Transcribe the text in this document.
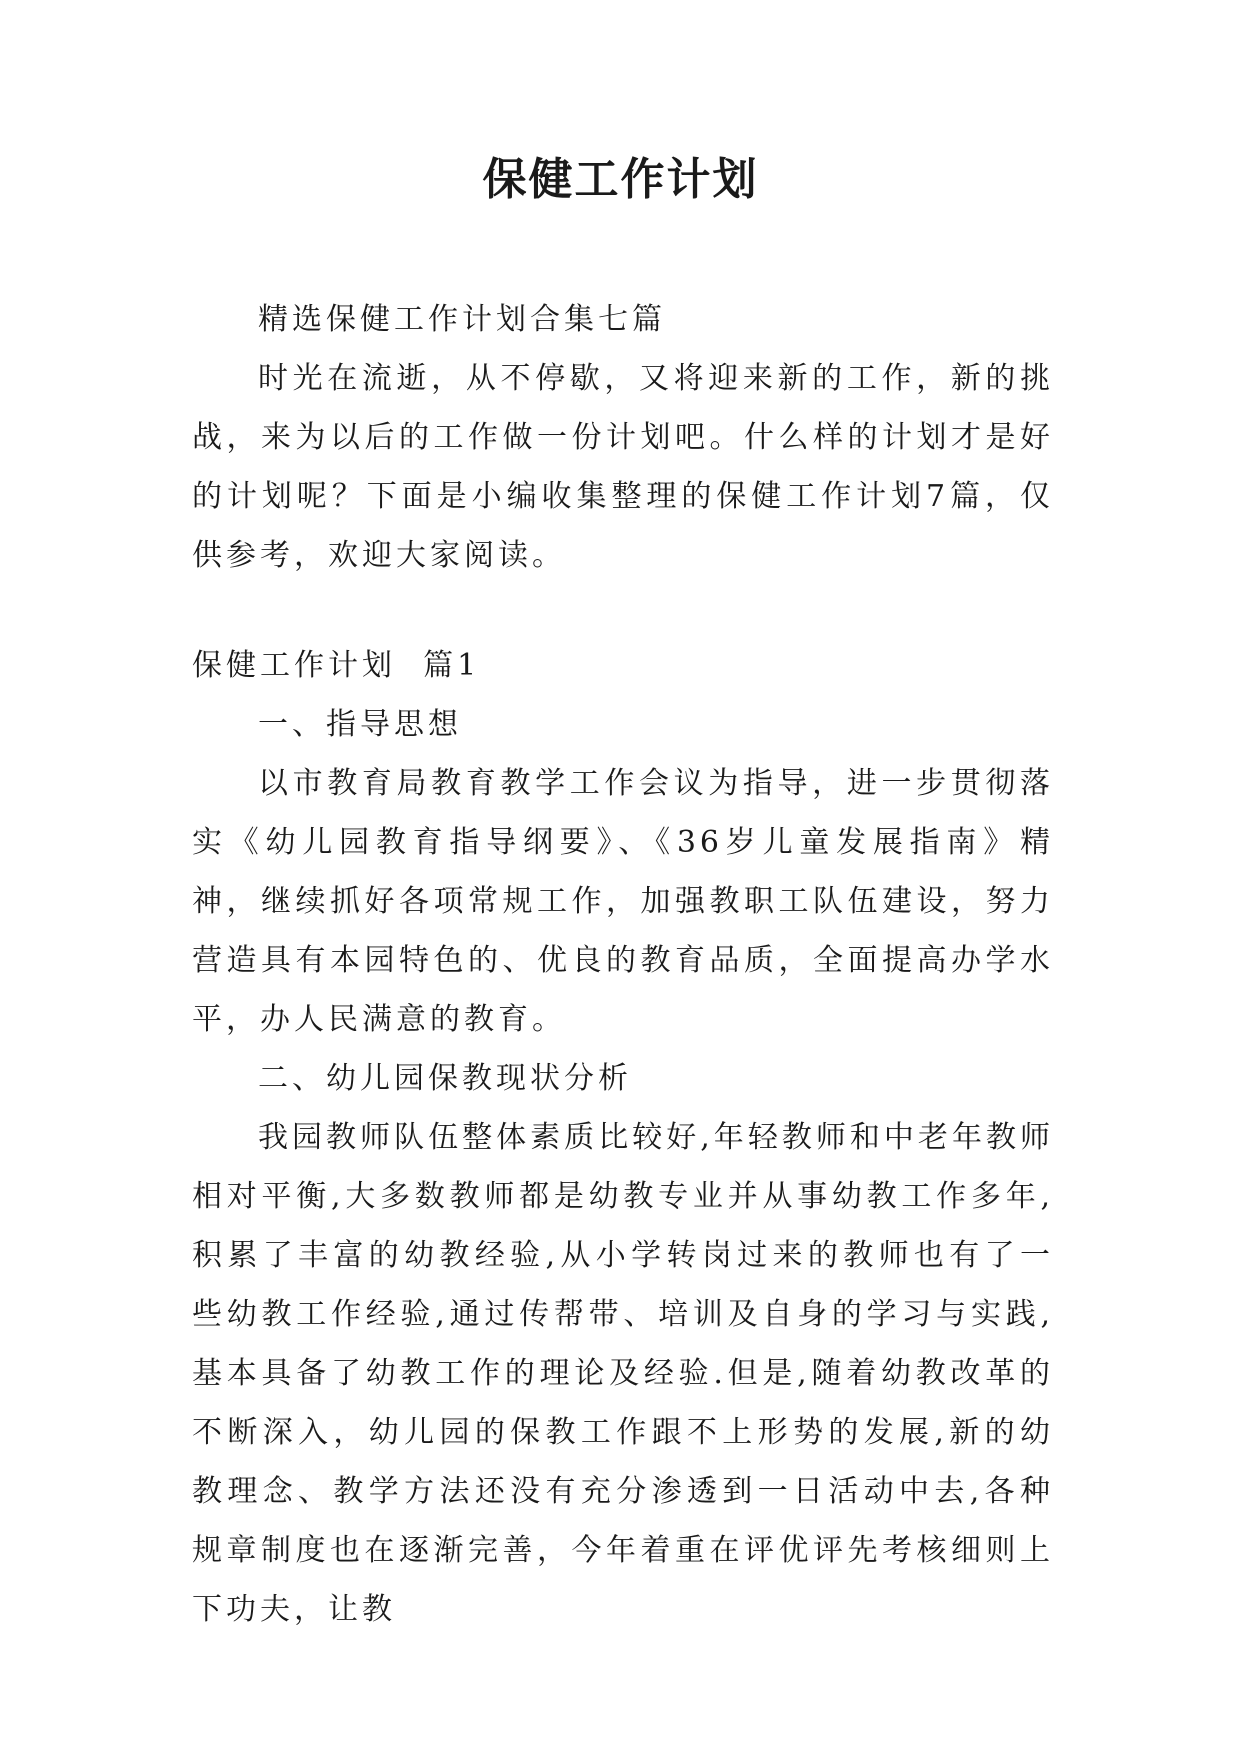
保健工作计划

精选保健工作计划合集七篇

时光在流逝，从不停歇，又将迎来新的工作，新的挑战，来为以后的工作做一份计划吧。什么样的计划才是好的计划呢？下面是小编收集整理的保健工作计划7篇，仅供参考，欢迎大家阅读。

保健工作计划  篇1

一、指导思想

以市教育局教育教学工作会议为指导，进一步贯彻落实《幼儿园教育指导纲要》、《36岁儿童发展指南》精神，继续抓好各项常规工作，加强教职工队伍建设，努力营造具有本园特色的、优良的教育品质，全面提高办学水平，办人民满意的教育。

二、幼儿园保教现状分析

我园教师队伍整体素质比较好,年轻教师和中老年教师相对平衡,大多数教师都是幼教专业并从事幼教工作多年,积累了丰富的幼教经验,从小学转岗过来的教师也有了一些幼教工作经验,通过传帮带、培训及自身的学习与实践,基本具备了幼教工作的理论及经验.但是,随着幼教改革的不断深入，幼儿园的保教工作跟不上形势的发展,新的幼教理念、教学方法还没有充分渗透到一日活动中去,各种规章制度也在逐渐完善，今年着重在评优评先考核细则上下功夫，让教
